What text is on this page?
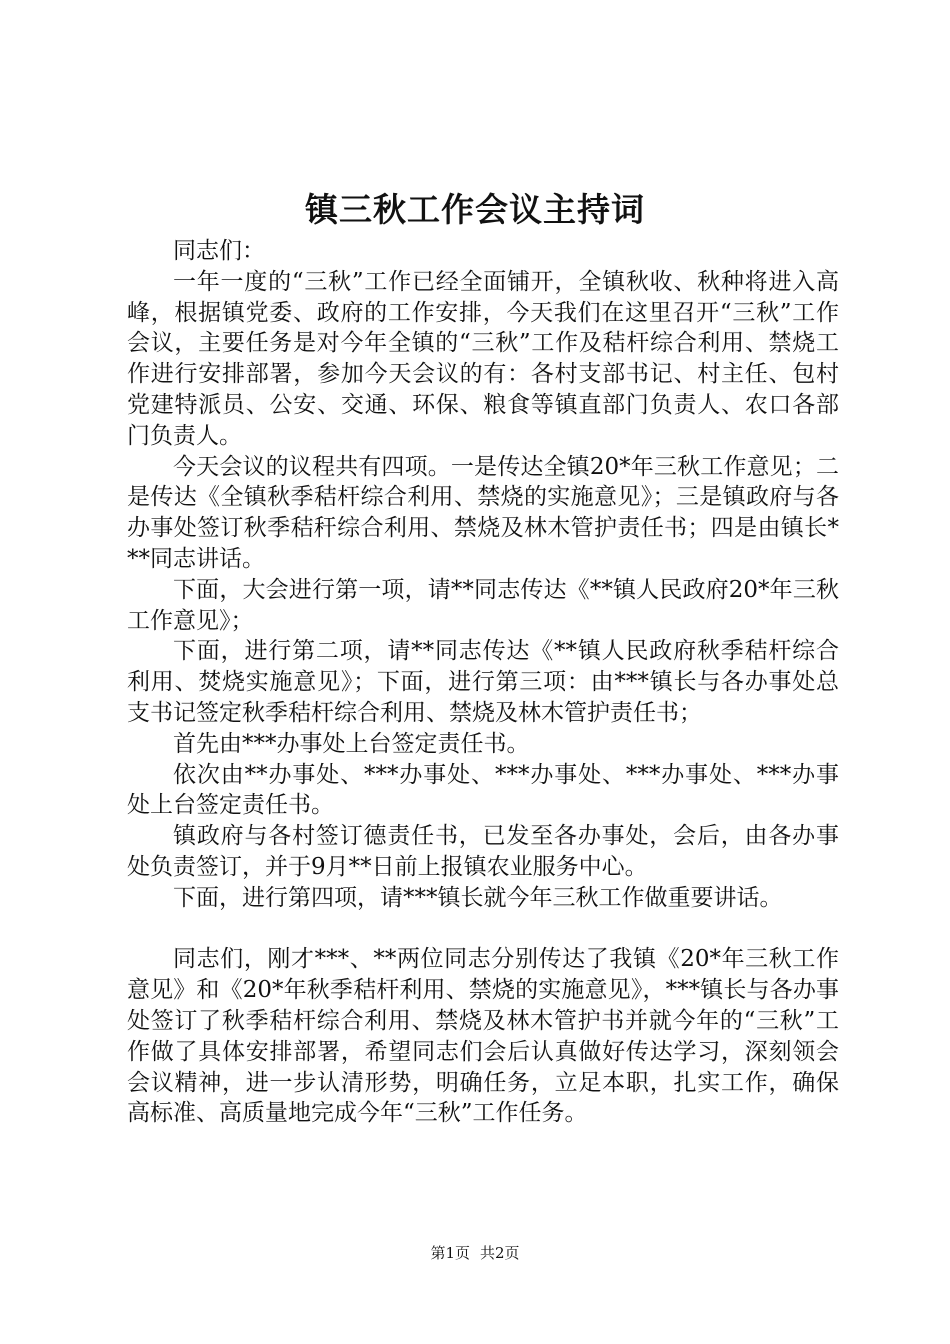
镇三秋工作会议主持词

同志们：

一年一度的“三秋”工作已经全面铺开，全镇秋收、秋种将进入高峰，根据镇党委、政府的工作安排，今天我们在这里召开“三秋”工作会议，主要任务是对今年全镇的“三秋”工作及秸杆综合利用、禁烧工作进行安排部署，参加今天会议的有：各村支部书记、村主任、包村党建特派员、公安、交通、环保、粮食等镇直部门负责人、农口各部门负责人。

今天会议的议程共有四项。一是传达全镇20*年三秋工作意见；二是传达《全镇秋季秸杆综合利用、禁烧的实施意见》；三是镇政府与各办事处签订秋季秸秆综合利用、禁烧及林木管护责任书；四是由镇长***同志讲话。

下面，大会进行第一项，请**同志传达《**镇人民政府20*年三秋工作意见》；

下面，进行第二项，请**同志传达《**镇人民政府秋季秸杆综合利用、焚烧实施意见》；下面，进行第三项：由***镇长与各办事处总支书记签定秋季秸杆综合利用、禁烧及林木管护责任书；

首先由***办事处上台签定责任书。

依次由**办事处、***办事处、***办事处、***办事处、***办事处上台签定责任书。

镇政府与各村签订德责任书，已发至各办事处，会后，由各办事处负责签订，并于9月**日前上报镇农业服务中心。

下面，进行第四项，请***镇长就今年三秋工作做重要讲话。

同志们，刚才***、**两位同志分别传达了我镇《20*年三秋工作意见》和《20*年秋季秸杆利用、禁烧的实施意见》，***镇长与各办事处签订了秋季秸杆综合利用、禁烧及林木管护书并就今年的“三秋”工作做了具体安排部署，希望同志们会后认真做好传达学习，深刻领会会议精神，进一步认清形势，明确任务，立足本职，扎实工作，确保高标准、高质量地完成今年“三秋”工作任务。

第1页 共2页
